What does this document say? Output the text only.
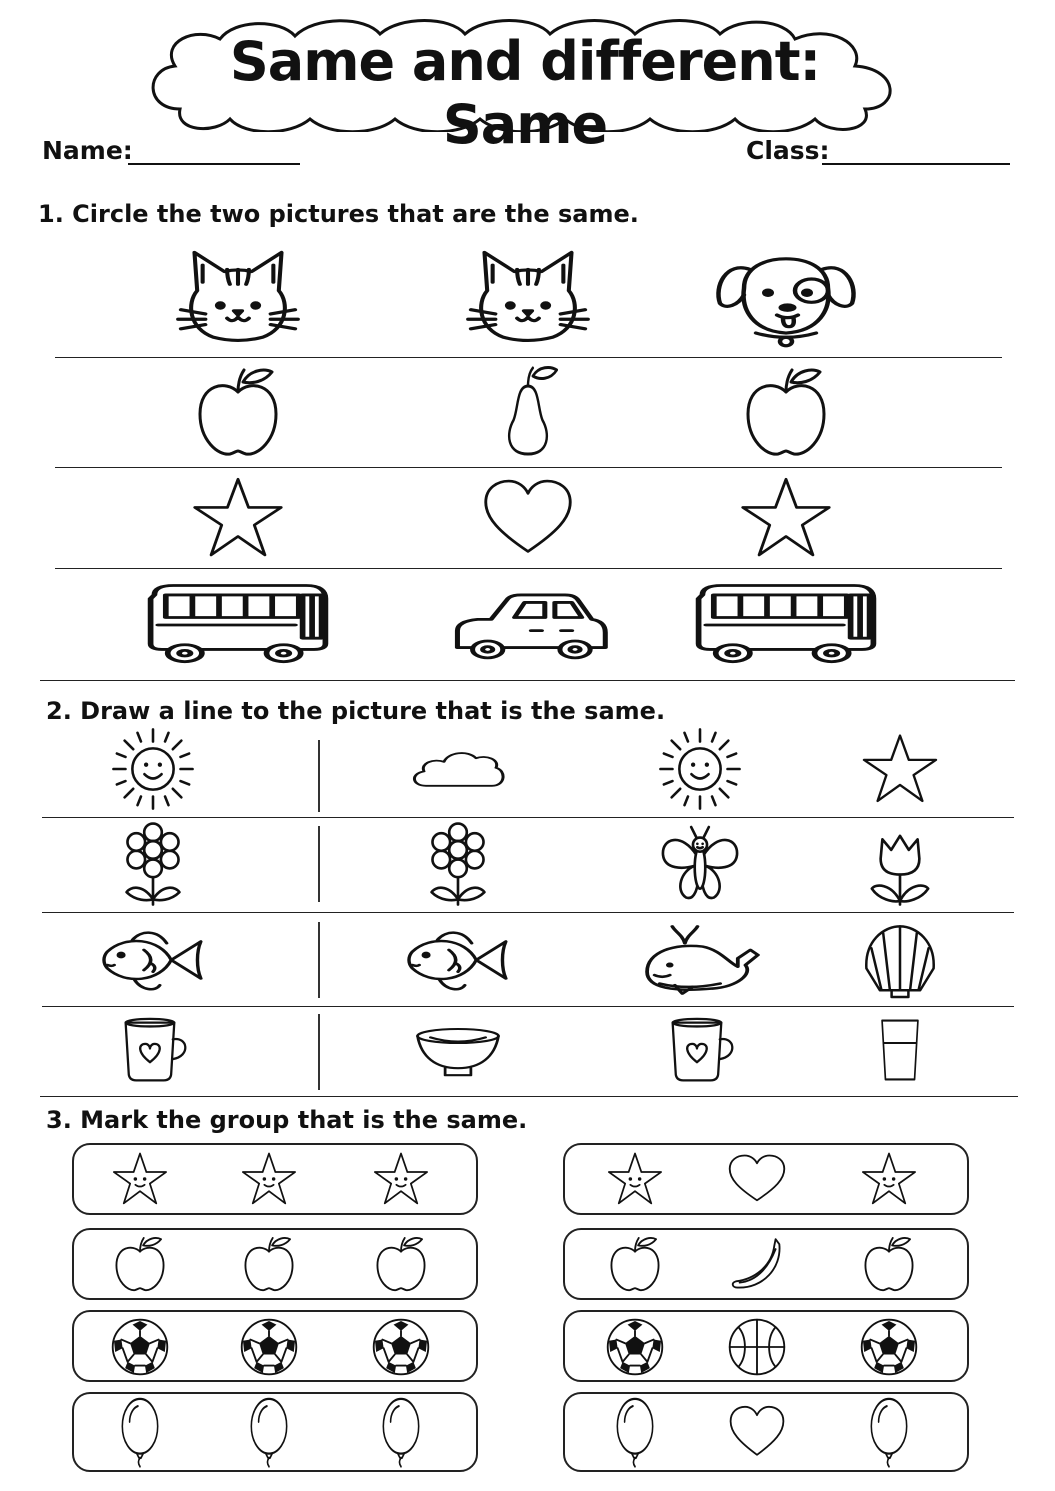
Same and different: Same
Name:	Class:
1. Circle the two pictures that are the same.
2. Draw a line to the picture that is the same.
3. Mark the group that is the same.
